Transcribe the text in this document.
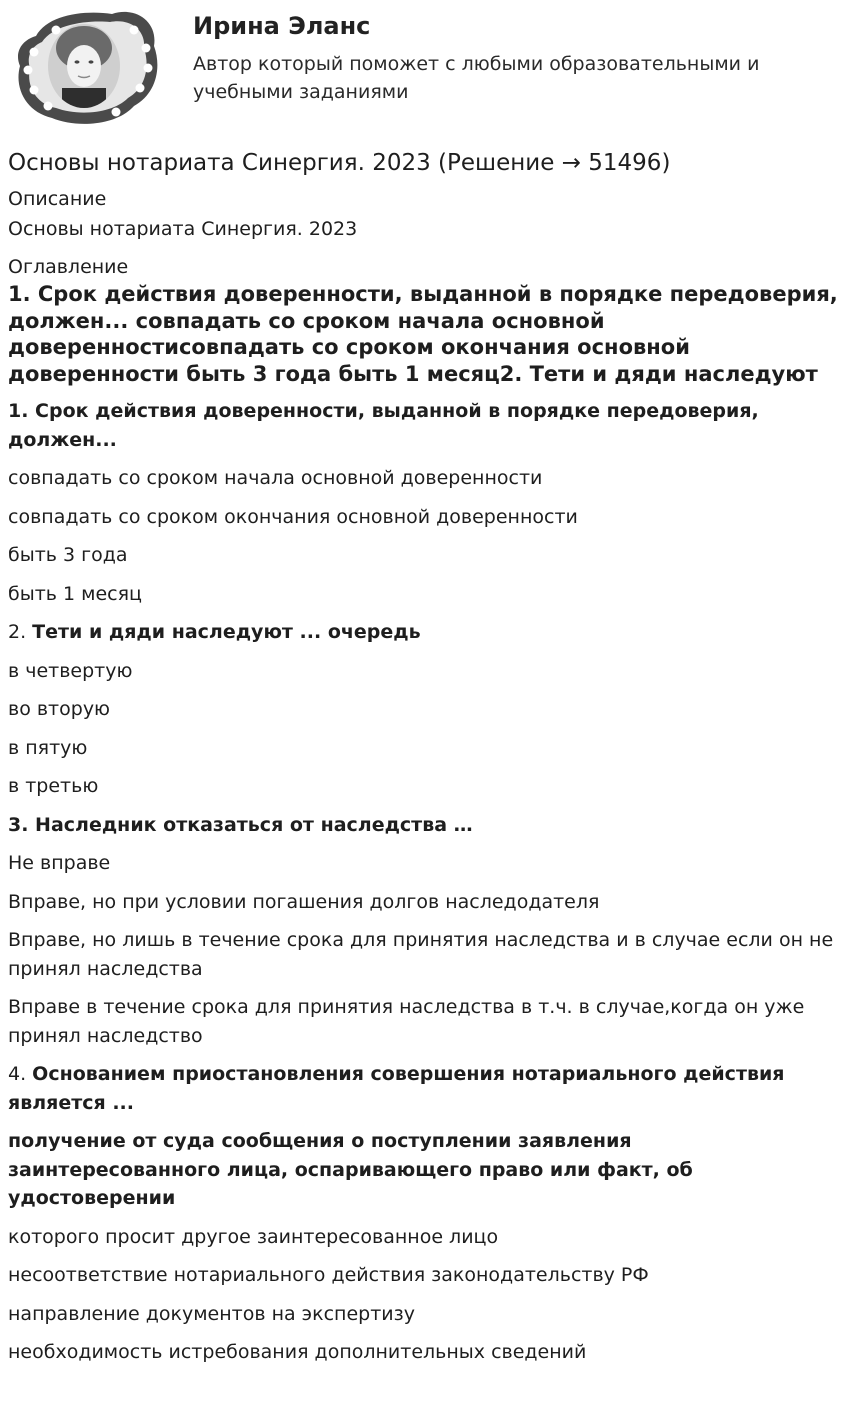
Ирина Эланс

Автор который поможет с любыми образовательными и учебными заданиями

Основы нотариата Синергия. 2023 (Решение → 51496)

Описание

Основы нотариата Синергия. 2023

Оглавление

1. Срок действия доверенности, выданной в порядке передоверия, должен... совпадать со сроком начала основной доверенностисовпадать со сроком окончания основной доверенности быть 3 года быть 1 месяц2. Тети и дяди наследуют

1. Срок действия доверенности, выданной в порядке передоверия, должен...

совпадать со сроком начала основной доверенности

совпадать со сроком окончания основной доверенности

быть 3 года

быть 1 месяц

2. Тети и дяди наследуют ... очередь

в четвертую

во вторую

в пятую

в третью

3. Наследник отказаться от наследства …

Не вправе

Вправе, но при условии погашения долгов наследодателя

Вправе, но лишь в течение срока для принятия наследства и в случае если он не принял наследства

Вправе в течение срока для принятия наследства в т.ч. в случае,когда он уже принял наследство

4. Основанием приостановления совершения нотариального действия является ...

получение от суда сообщения о поступлении заявления заинтересованного лица, оспаривающего право или факт, об удостоверении

которого просит другое заинтересованное лицо

несоответствие нотариального действия законодательству РФ

направление документов на экспертизу

необходимость истребования дополнительных сведений
